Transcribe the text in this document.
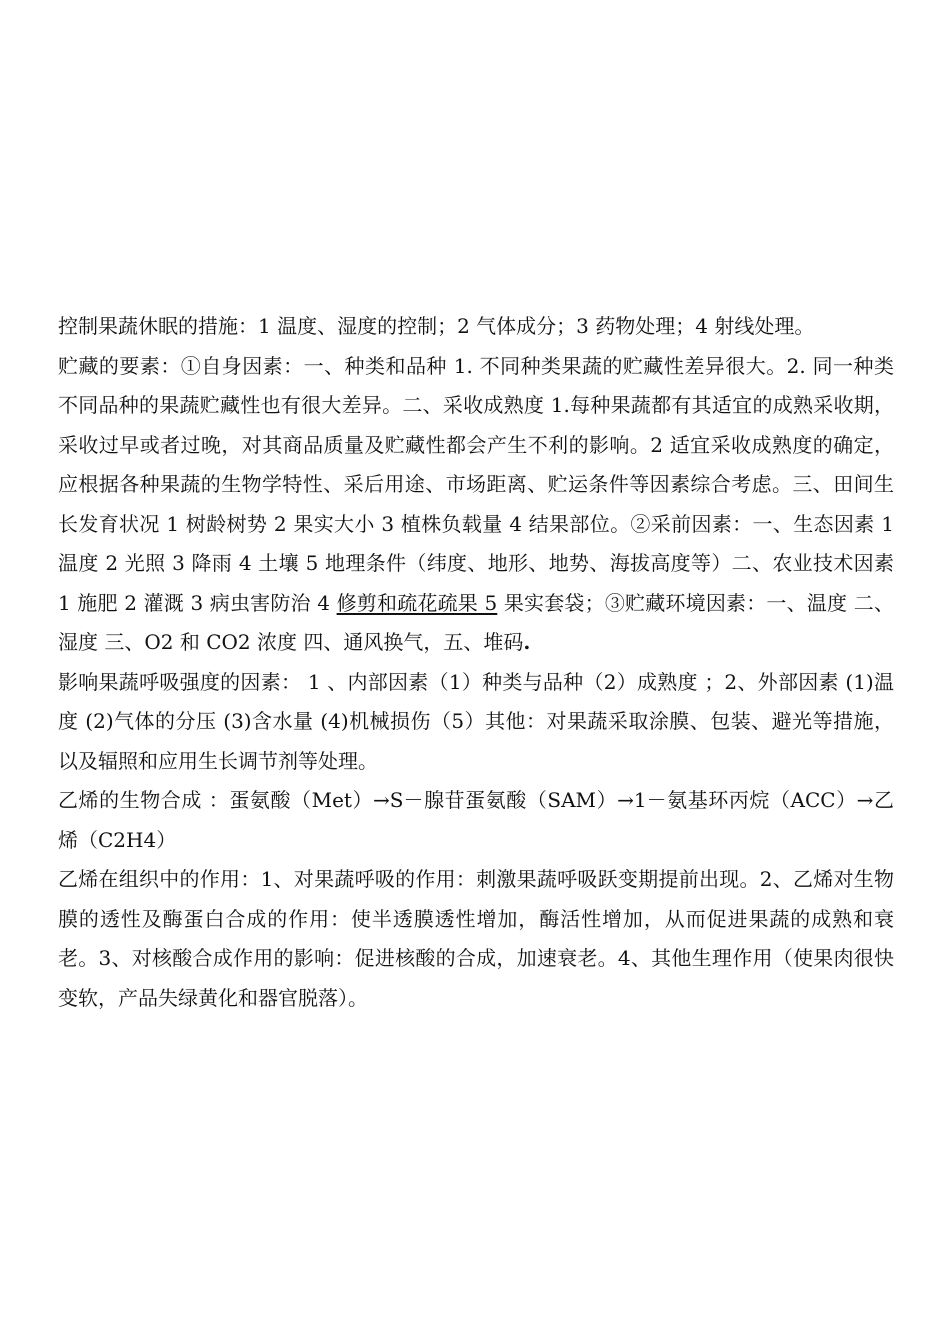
控制果蔬休眠的措施：1 温度、湿度的控制；2 气体成分；3 药物处理；4 射线处理。

贮藏的要素：①自身因素：一、种类和品种 1. 不同种类果蔬的贮藏性差异很大。2. 同一种类不同品种的果蔬贮藏性也有很大差异。二、采收成熟度 1.每种果蔬都有其适宜的成熟采收期，采收过早或者过晚，对其商品质量及贮藏性都会产生不利的影响。2 适宜采收成熟度的确定，应根据各种果蔬的生物学特性、采后用途、市场距离、贮运条件等因素综合考虑。三、田间生长发育状况 1 树龄树势 2 果实大小 3 植株负载量 4 结果部位。②采前因素：一、生态因素 1 温度 2 光照 3 降雨 4 土壤 5 地理条件（纬度、地形、地势、海拔高度等）二、农业技术因素 1 施肥 2 灌溉 3 病虫害防治 4 修剪和疏花疏果 5 果实套袋；③贮藏环境因素：一、温度 二、湿度 三、O2 和 CO2 浓度 四、通风换气，五、堆码.

影响果蔬呼吸强度的因素： 1 、内部因素（1）种类与品种（2）成熟度 ；2、外部因素 (1)温度 (2)气体的分压 (3)含水量 (4)机械损伤（5）其他：对果蔬采取涂膜、包装、避光等措施，以及辐照和应用生长调节剂等处理。

乙烯的生物合成 ：蛋氨酸（Met）→S－腺苷蛋氨酸（SAM）→1－氨基环丙烷（ACC）→乙烯（C2H4）

乙烯在组织中的作用：1、对果蔬呼吸的作用：刺激果蔬呼吸跃变期提前出现。2、乙烯对生物膜的透性及酶蛋白合成的作用：使半透膜透性增加，酶活性增加，从而促进果蔬的成熟和衰老。3、对核酸合成作用的影响：促进核酸的合成，加速衰老。4、其他生理作用（使果肉很快变软，产品失绿黄化和器官脱落）。
